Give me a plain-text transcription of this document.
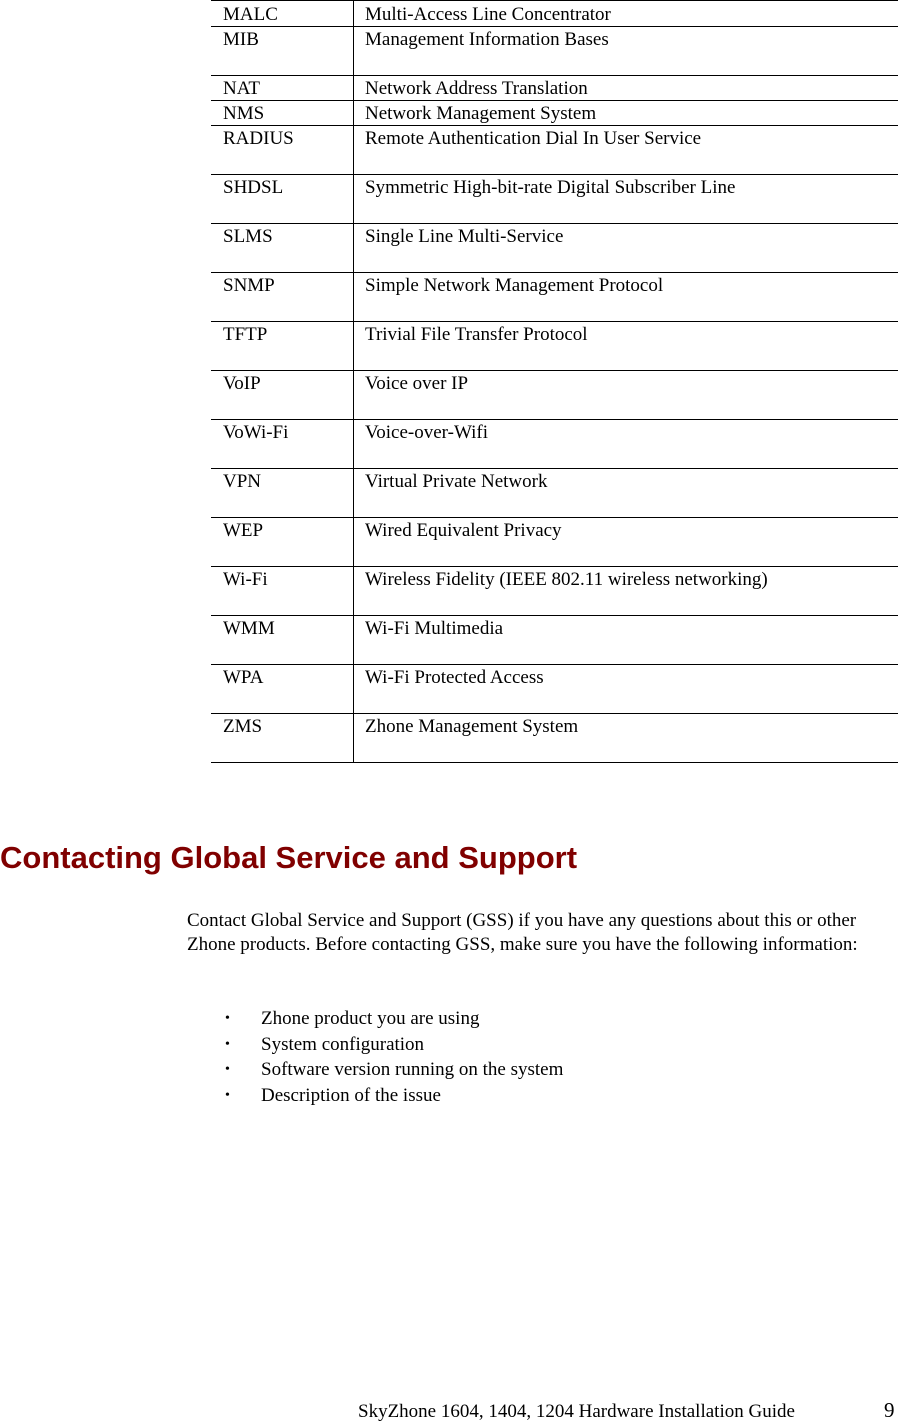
MALC	Multi-Access Line Concentrator
MIB	Management Information Bases
NAT	Network Address Translation
NMS	Network Management System
RADIUS	Remote Authentication Dial In User Service
SHDSL	Symmetric High-bit-rate Digital Subscriber Line
SLMS	Single Line Multi-Service
SNMP	Simple Network Management Protocol
TFTP	Trivial File Transfer Protocol
VoIP	Voice over IP
VoWi-Fi	Voice-over-Wifi
VPN	Virtual Private Network
WEP	Wired Equivalent Privacy
Wi-Fi	Wireless Fidelity (IEEE 802.11 wireless networking)
WMM	Wi-Fi Multimedia
WPA	Wi-Fi Protected Access
ZMS	Zhone Management System
Contacting Global Service and Support

Contact Global Service and Support (GSS) if you have any questions about this or other Zhone products. Before contacting GSS, make sure you have the following information:

• Zhone product you are using
• System configuration
• Software version running on the system
• Description of the issue
SkyZhone 1604, 1404, 1204 Hardware Installation Guide	9
